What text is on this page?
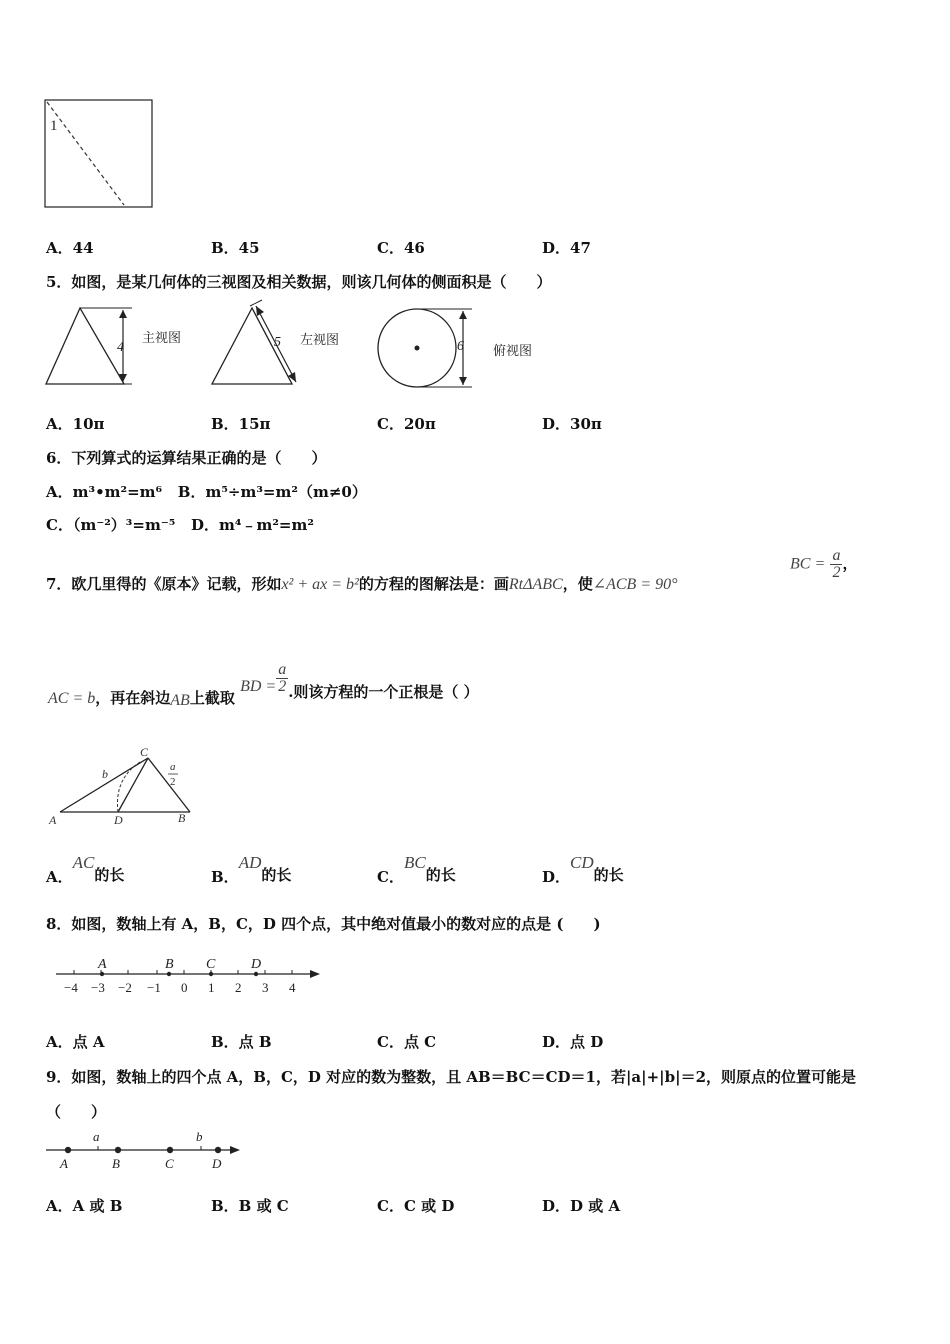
1
A．44	B．45	C．46	D．47
5．如图，是某几何体的三视图及相关数据，则该几何体的侧面积是（　　）
4
主视图	5 左视图	6 俯视图
A．10π	B．15π	C．20π	D．30π
6．下列算式的运算结果正确的是（　　）
A．m³•m²=m⁶ B．m⁵÷m³=m²（m≠0）
C．（m⁻²）³=m⁻⁵ D．m⁴﹣m²=m²
7．欧几里得的《原本》记载，形如x² + ax = b²的方程的图解法是：画RtΔABC，使∠ACB = 90°
BC = $\frac{a}{2}$ ，
AC = b，再在斜边AB上截取 BD = $\frac{a}{2}$ .则该方程的一个正根是（ ）
A	D	B
C
b	a
2
A．AC的长	B．AD的长	C．BC的长	D．CD的长
8．如图，数轴上有 A，B，C，D 四个点，其中绝对值最小的数对应的点是 (　　)
−4 −3 −2 −1 0 1 2 3 4
A	B C	D
A．点 A	B．点 B	C．点 C	D．点 D
9．如图，数轴上的四个点 A，B，C，D 对应的数为整数，且 AB＝BC＝CD＝1，若|a|+|b|＝2，则原点的位置可能是
（　　）
a	b
A	B	C	D
A．A 或 B	B．B 或 C	C．C 或 D	D．D 或 A
